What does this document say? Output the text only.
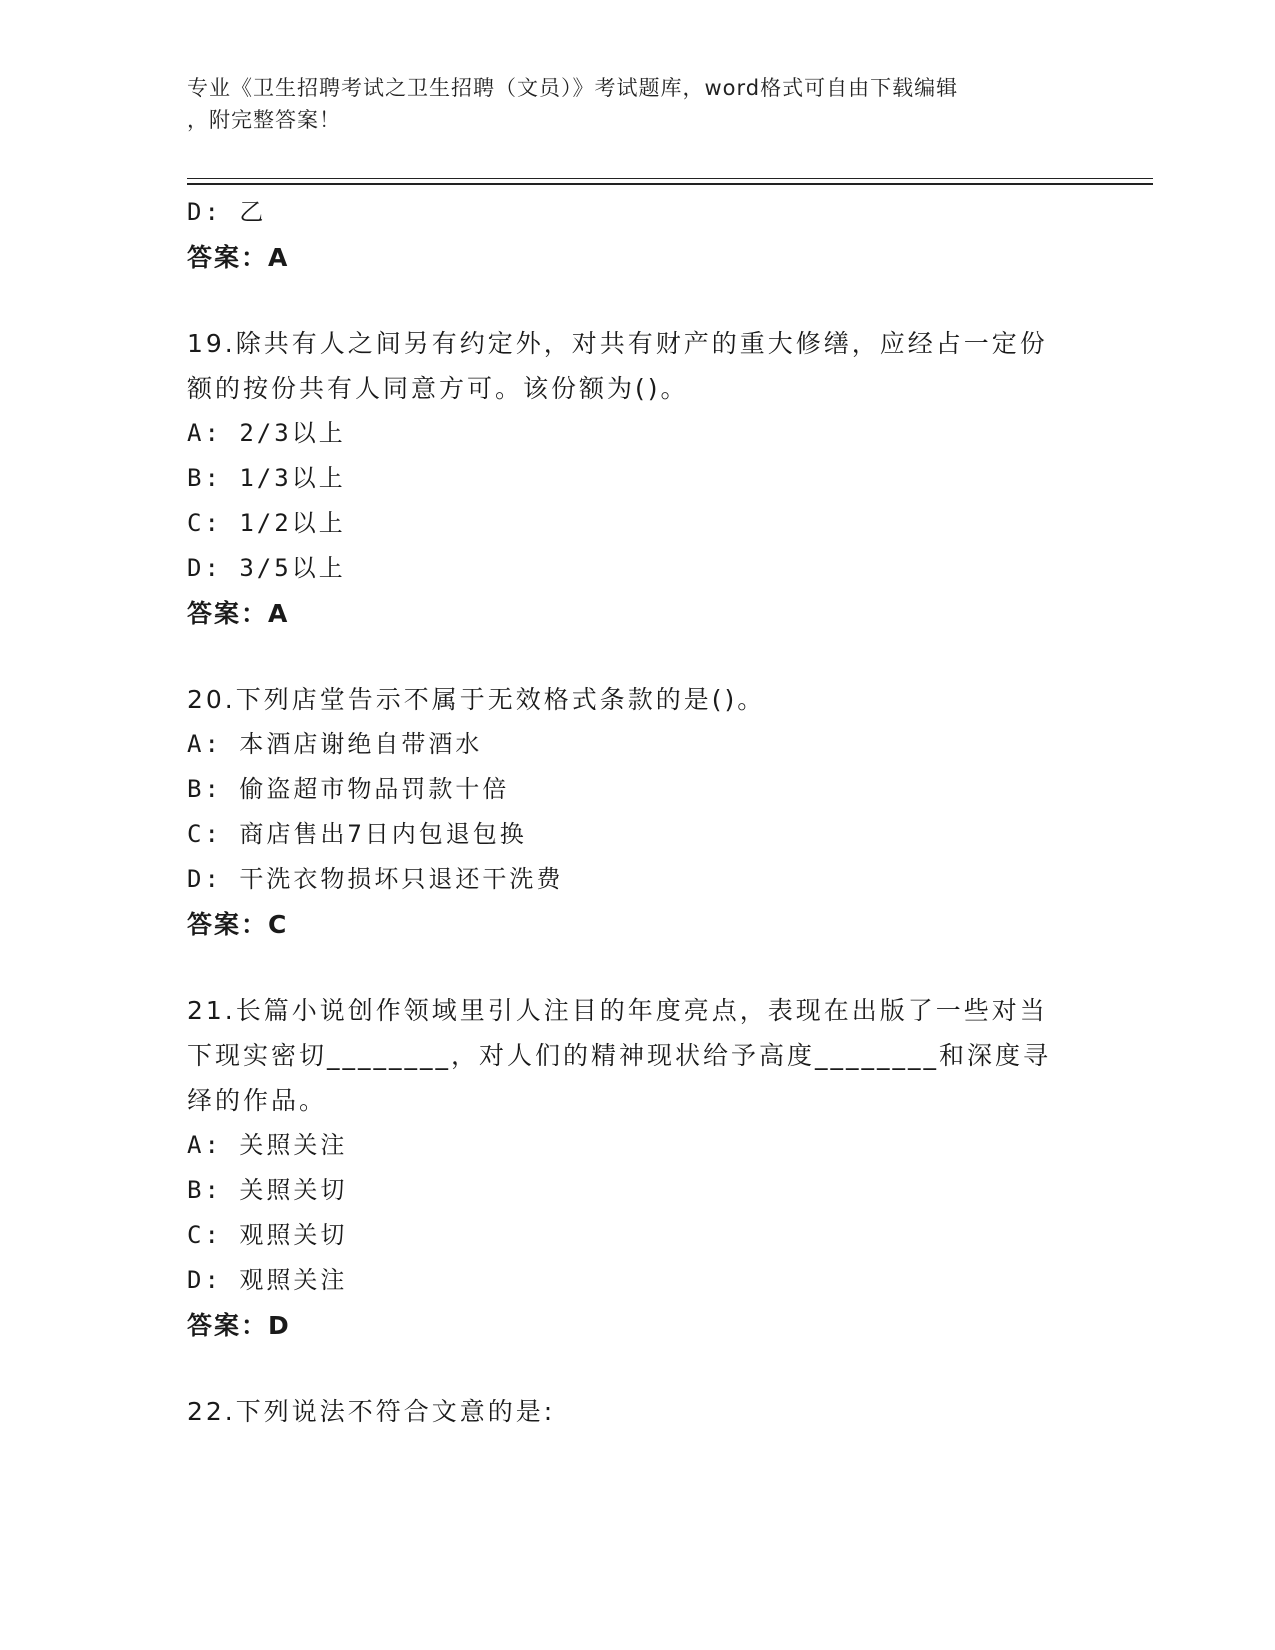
专业《卫生招聘考试之卫生招聘（文员）》考试题库，word格式可自由下载编辑
，附完整答案！
D: 乙
答案：A
19.除共有人之间另有约定外，对共有财产的重大修缮，应经占一定份
额的按份共有人同意方可。该份额为()。
A: 2/3以上
B: 1/3以上
C: 1/2以上
D: 3/5以上
答案：A
20.下列店堂告示不属于无效格式条款的是()。
A: 本酒店谢绝自带酒水
B: 偷盗超市物品罚款十倍
C: 商店售出7日内包退包换
D: 干洗衣物损坏只退还干洗费
答案：C
21.长篇小说创作领域里引人注目的年度亮点，表现在出版了一些对当
下现实密切________，对人们的精神现状给予高度________和深度寻
绎的作品。
A: 关照关注
B: 关照关切
C: 观照关切
D: 观照关注
答案：D
22.下列说法不符合文意的是:
